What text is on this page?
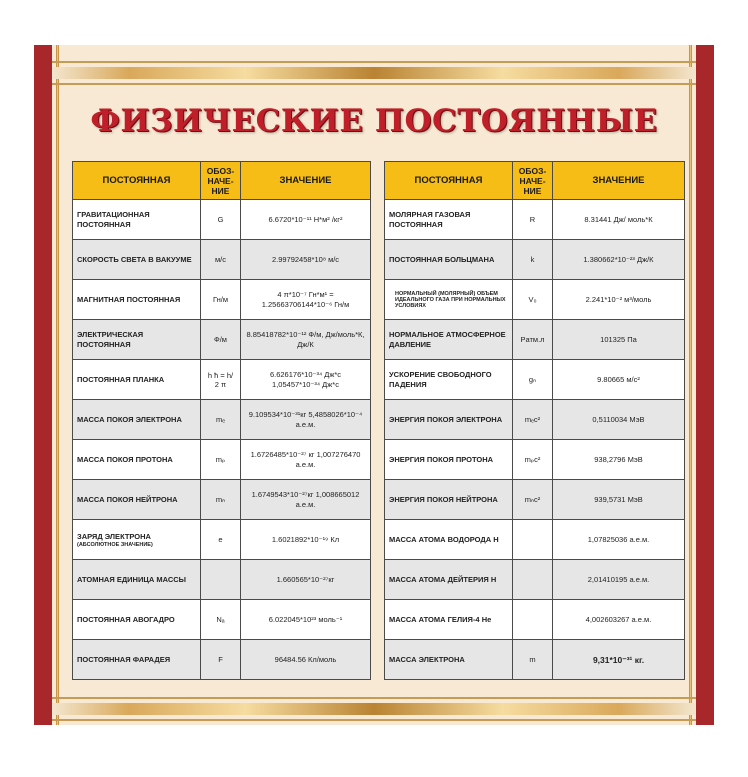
ФИЗИЧЕСКИЕ ПОСТОЯННЫЕ
ПОСТОЯННАЯ	ОБОЗ-НАЧЕ-НИЕ	ЗНАЧЕНИЕ
ГРАВИТАЦИОННАЯ ПОСТОЯННАЯ	G	6.6720*10⁻¹¹ Н*м² /кг²
СКОРОСТЬ СВЕТА В ВАКУУМЕ	м/с	2.99792458*10⁸ м/с
МАГНИТНАЯ ПОСТОЯННАЯ	Гн/м	4 π*10⁻⁷ Гн*м¹ = 1.25663706144*10⁻⁶ Гн/м
ЭЛЕКТРИЧЕСКАЯ ПОСТОЯННАЯ	Ф/м	8.85418782*10⁻¹² Ф/м, Дж/моль*К, Дж/К
ПОСТОЯННАЯ ПЛАНКА	h ħ = h/ 2 π	6.626176*10⁻³⁴ Дж*с 1,05457*10⁻³⁴ Дж*с
МАССА ПОКОЯ ЭЛЕКТРОНА	mₑ	9.109534*10⁻³¹кг 5,4858026*10⁻⁴ а.е.м.
МАССА ПОКОЯ ПРОТОНА	mₚ	1.6726485*10⁻²⁷ кг 1,007276470 а.е.м.
МАССА ПОКОЯ НЕЙТРОНА	mₙ	1.6749543*10⁻²⁷кг 1,008665012 а.е.м.
ЗАРЯД ЭЛЕКТРОНА
(АБСОЛЮТНОЕ ЗНАЧЕНИЕ)	e	1.6021892*10⁻¹⁹ Кл
АТОМНАЯ ЕДИНИЦА МАССЫ		1.660565*10⁻²⁷кг
ПОСТОЯННАЯ АВОГАДРО	Nₐ	6.022045*10²³ моль⁻¹
ПОСТОЯННАЯ ФАРАДЕЯ	F	96484.56 Кл/моль
ПОСТОЯННАЯ	ОБОЗ-НАЧЕ-НИЕ	ЗНАЧЕНИЕ
МОЛЯРНАЯ ГАЗОВАЯ ПОСТОЯННАЯ	R	8.31441 Дж/ моль*К
ПОСТОЯННАЯ БОЛЬЦМАНА	k	1.380662*10⁻²³ Дж/К
НОРМАЛЬНЫЙ (МОЛЯРНЫЙ) ОБЪЕМ ИДЕАЛЬНОГО ГАЗА ПРИ НОРМАЛЬНЫХ УСЛОВИЯХ	V₀	2.241*10⁻² м³/моль
НОРМАЛЬНОЕ АТМОСФЕРНОЕ ДАВЛЕНИЕ	Pатм.л	101325 Па
УСКОРЕНИЕ СВОБОДНОГО ПАДЕНИЯ	gₙ	9.80665 м/с²
ЭНЕРГИЯ ПОКОЯ ЭЛЕКТРОНА	mₑc²	0,5110034 МэВ
ЭНЕРГИЯ ПОКОЯ ПРОТОНА	mₚc²	938,2796 МэВ
ЭНЕРГИЯ ПОКОЯ НЕЙТРОНА	mₙc²	939,5731 МэВ
МАССА АТОМА ВОДОРОДА Н		1,07825036 а.е.м.
МАССА АТОМА ДЕЙТЕРИЯ Н		2,01410195 а.е.м.
МАССА АТОМА ГЕЛИЯ-4 Не		4,002603267 а.е.м.
МАССА ЭЛЕКТРОНА	m	9,31*10⁻³¹ кг.
